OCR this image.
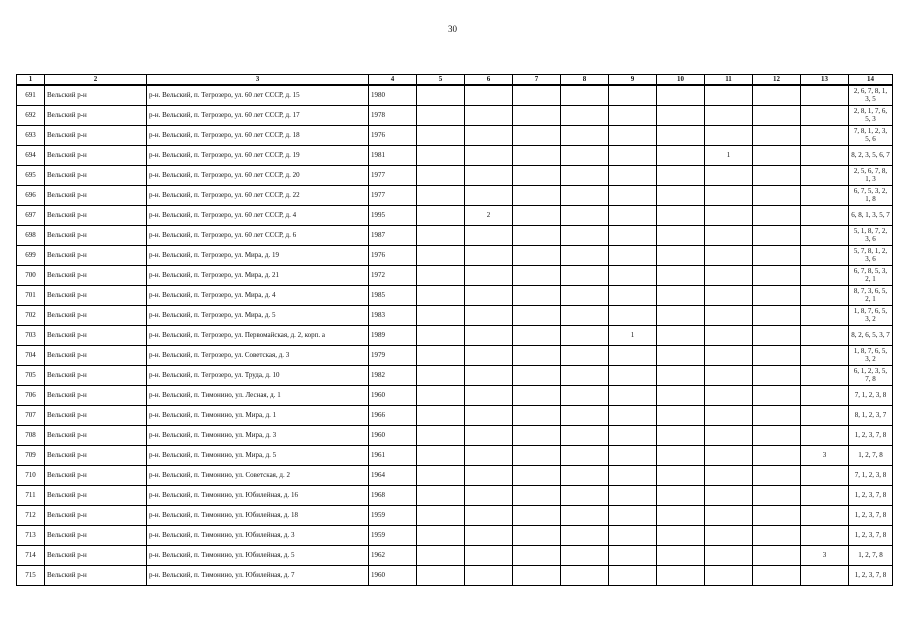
30
1	2	3	4	5	6	7	8	9	10	11	12	13	14
691	Вельский р-н	р-н. Вельский, п. Тегрозеро, ул. 60 лет СССР, д. 15	1980										2, 6, 7, 8, 1, 3, 5
692	Вельский р-н	р-н. Вельский, п. Тегрозеро, ул. 60 лет СССР, д. 17	1978										2, 8, 1, 7, 6, 5, 3
693	Вельский р-н	р-н. Вельский, п. Тегрозеро, ул. 60 лет СССР, д. 18	1976										7, 8, 1, 2, 3, 5, 6
694	Вельский р-н	р-н. Вельский, п. Тегрозеро, ул. 60 лет СССР, д. 19	1981							1			8, 2, 3, 5, 6, 7
695	Вельский р-н	р-н. Вельский, п. Тегрозеро, ул. 60 лет СССР, д. 20	1977										2, 5, 6, 7, 8, 1, 3
696	Вельский р-н	р-н. Вельский, п. Тегрозеро, ул. 60 лет СССР, д. 22	1977										6, 7, 5, 3, 2, 1, 8
697	Вельский р-н	р-н. Вельский, п. Тегрозеро, ул. 60 лет СССР, д. 4	1995		2								6, 8, 1, 3, 5, 7
698	Вельский р-н	р-н. Вельский, п. Тегрозеро, ул. 60 лет СССР, д. 6	1987										5, 1, 8, 7, 2, 3, 6
699	Вельский р-н	р-н. Вельский, п. Тегрозеро, ул. Мира, д. 19	1976										5, 7, 8, 1, 2, 3, 6
700	Вельский р-н	р-н. Вельский, п. Тегрозеро, ул. Мира, д. 21	1972										6, 7, 8, 5, 3, 2, 1
701	Вельский р-н	р-н. Вельский, п. Тегрозеро, ул. Мира, д. 4	1985										8, 7, 3, 6, 5, 2, 1
702	Вельский р-н	р-н. Вельский, п. Тегрозеро, ул. Мира, д. 5	1983										1, 8, 7, 6, 5, 3, 2
703	Вельский р-н	р-н. Вельский, п. Тегрозеро, ул. Первомайская, д. 2, корп. а	1989					1					8, 2, 6, 5, 3, 7
704	Вельский р-н	р-н. Вельский, п. Тегрозеро, ул. Советская, д. 3	1979										1, 8, 7, 6, 5, 3, 2
705	Вельский р-н	р-н. Вельский, п. Тегрозеро, ул. Труда, д. 10	1982										6, 1, 2, 3, 5, 7, 8
706	Вельский р-н	р-н. Вельский, п. Тимонино, ул. Лесная, д. 1	1960										7, 1, 2, 3, 8
707	Вельский р-н	р-н. Вельский, п. Тимонино, ул. Мира, д. 1	1966										8, 1, 2, 3, 7
708	Вельский р-н	р-н. Вельский, п. Тимонино, ул. Мира, д. 3	1960										1, 2, 3, 7, 8
709	Вельский р-н	р-н. Вельский, п. Тимонино, ул. Мира, д. 5	1961									3	1, 2, 7, 8
710	Вельский р-н	р-н. Вельский, п. Тимонино, ул. Советская, д. 2	1964										7, 1, 2, 3, 8
711	Вельский р-н	р-н. Вельский, п. Тимонино, ул. Юбилейная, д. 16	1968										1, 2, 3, 7, 8
712	Вельский р-н	р-н. Вельский, п. Тимонино, ул. Юбилейная, д. 18	1959										1, 2, 3, 7, 8
713	Вельский р-н	р-н. Вельский, п. Тимонино, ул. Юбилейная, д. 3	1959										1, 2, 3, 7, 8
714	Вельский р-н	р-н. Вельский, п. Тимонино, ул. Юбилейная, д. 5	1962									3	1, 2, 7, 8
715	Вельский р-н	р-н. Вельский, п. Тимонино, ул. Юбилейная, д. 7	1960										1, 2, 3, 7, 8
